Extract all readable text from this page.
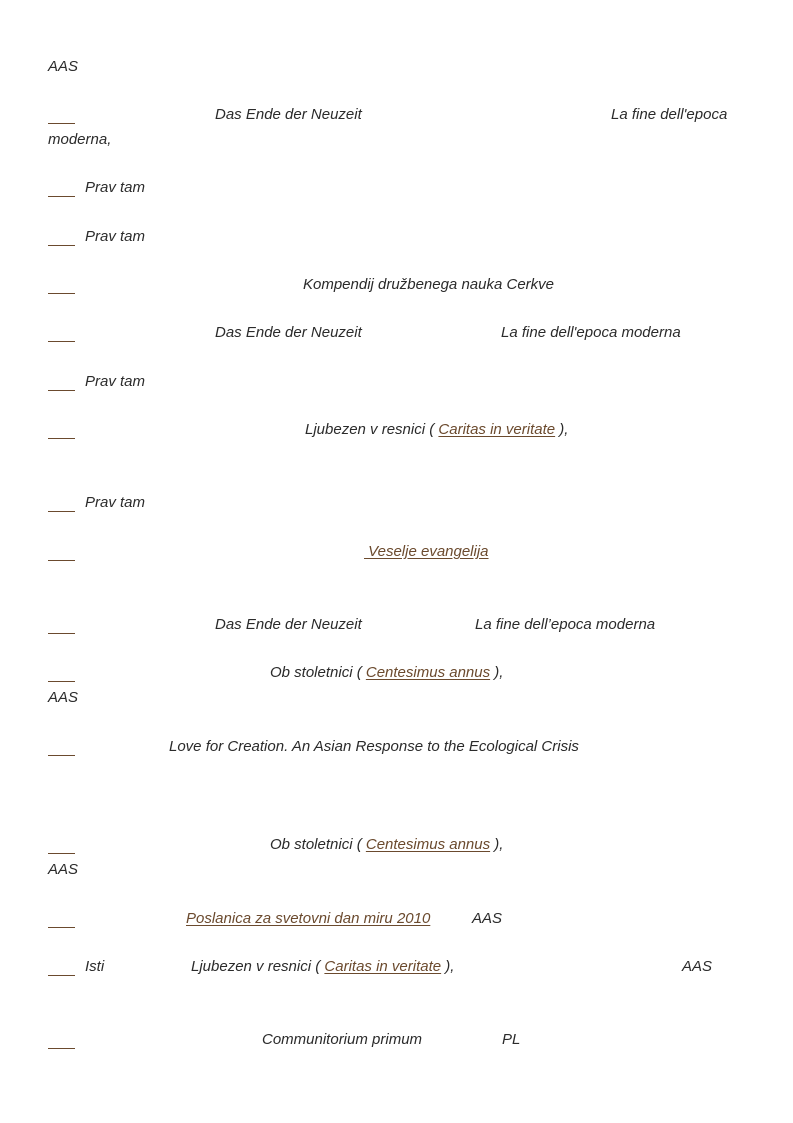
AAS
Das Ende der Neuzeit	La fine dell'epoca
moderna,
Prav tam
Prav tam
Kompendij družbenega nauka Cerkve
Das Ende der Neuzeit	La fine dell'epoca moderna
Prav tam
Ljubezen v resnici ( Caritas in veritate ),
Prav tam
Veselje evangelija
Das Ende der Neuzeit	La fine dell’epoca moderna
Ob stoletnici ( Centesimus annus ),
AAS
Love for Creation. An Asian Response to the Ecological Crisis
Ob stoletnici ( Centesimus annus ),
AAS
Poslanica za svetovni dan miru 2010	AAS
Isti	Ljubezen v resnici ( Caritas in veritate ),	AAS
Communitorium primum	PL
